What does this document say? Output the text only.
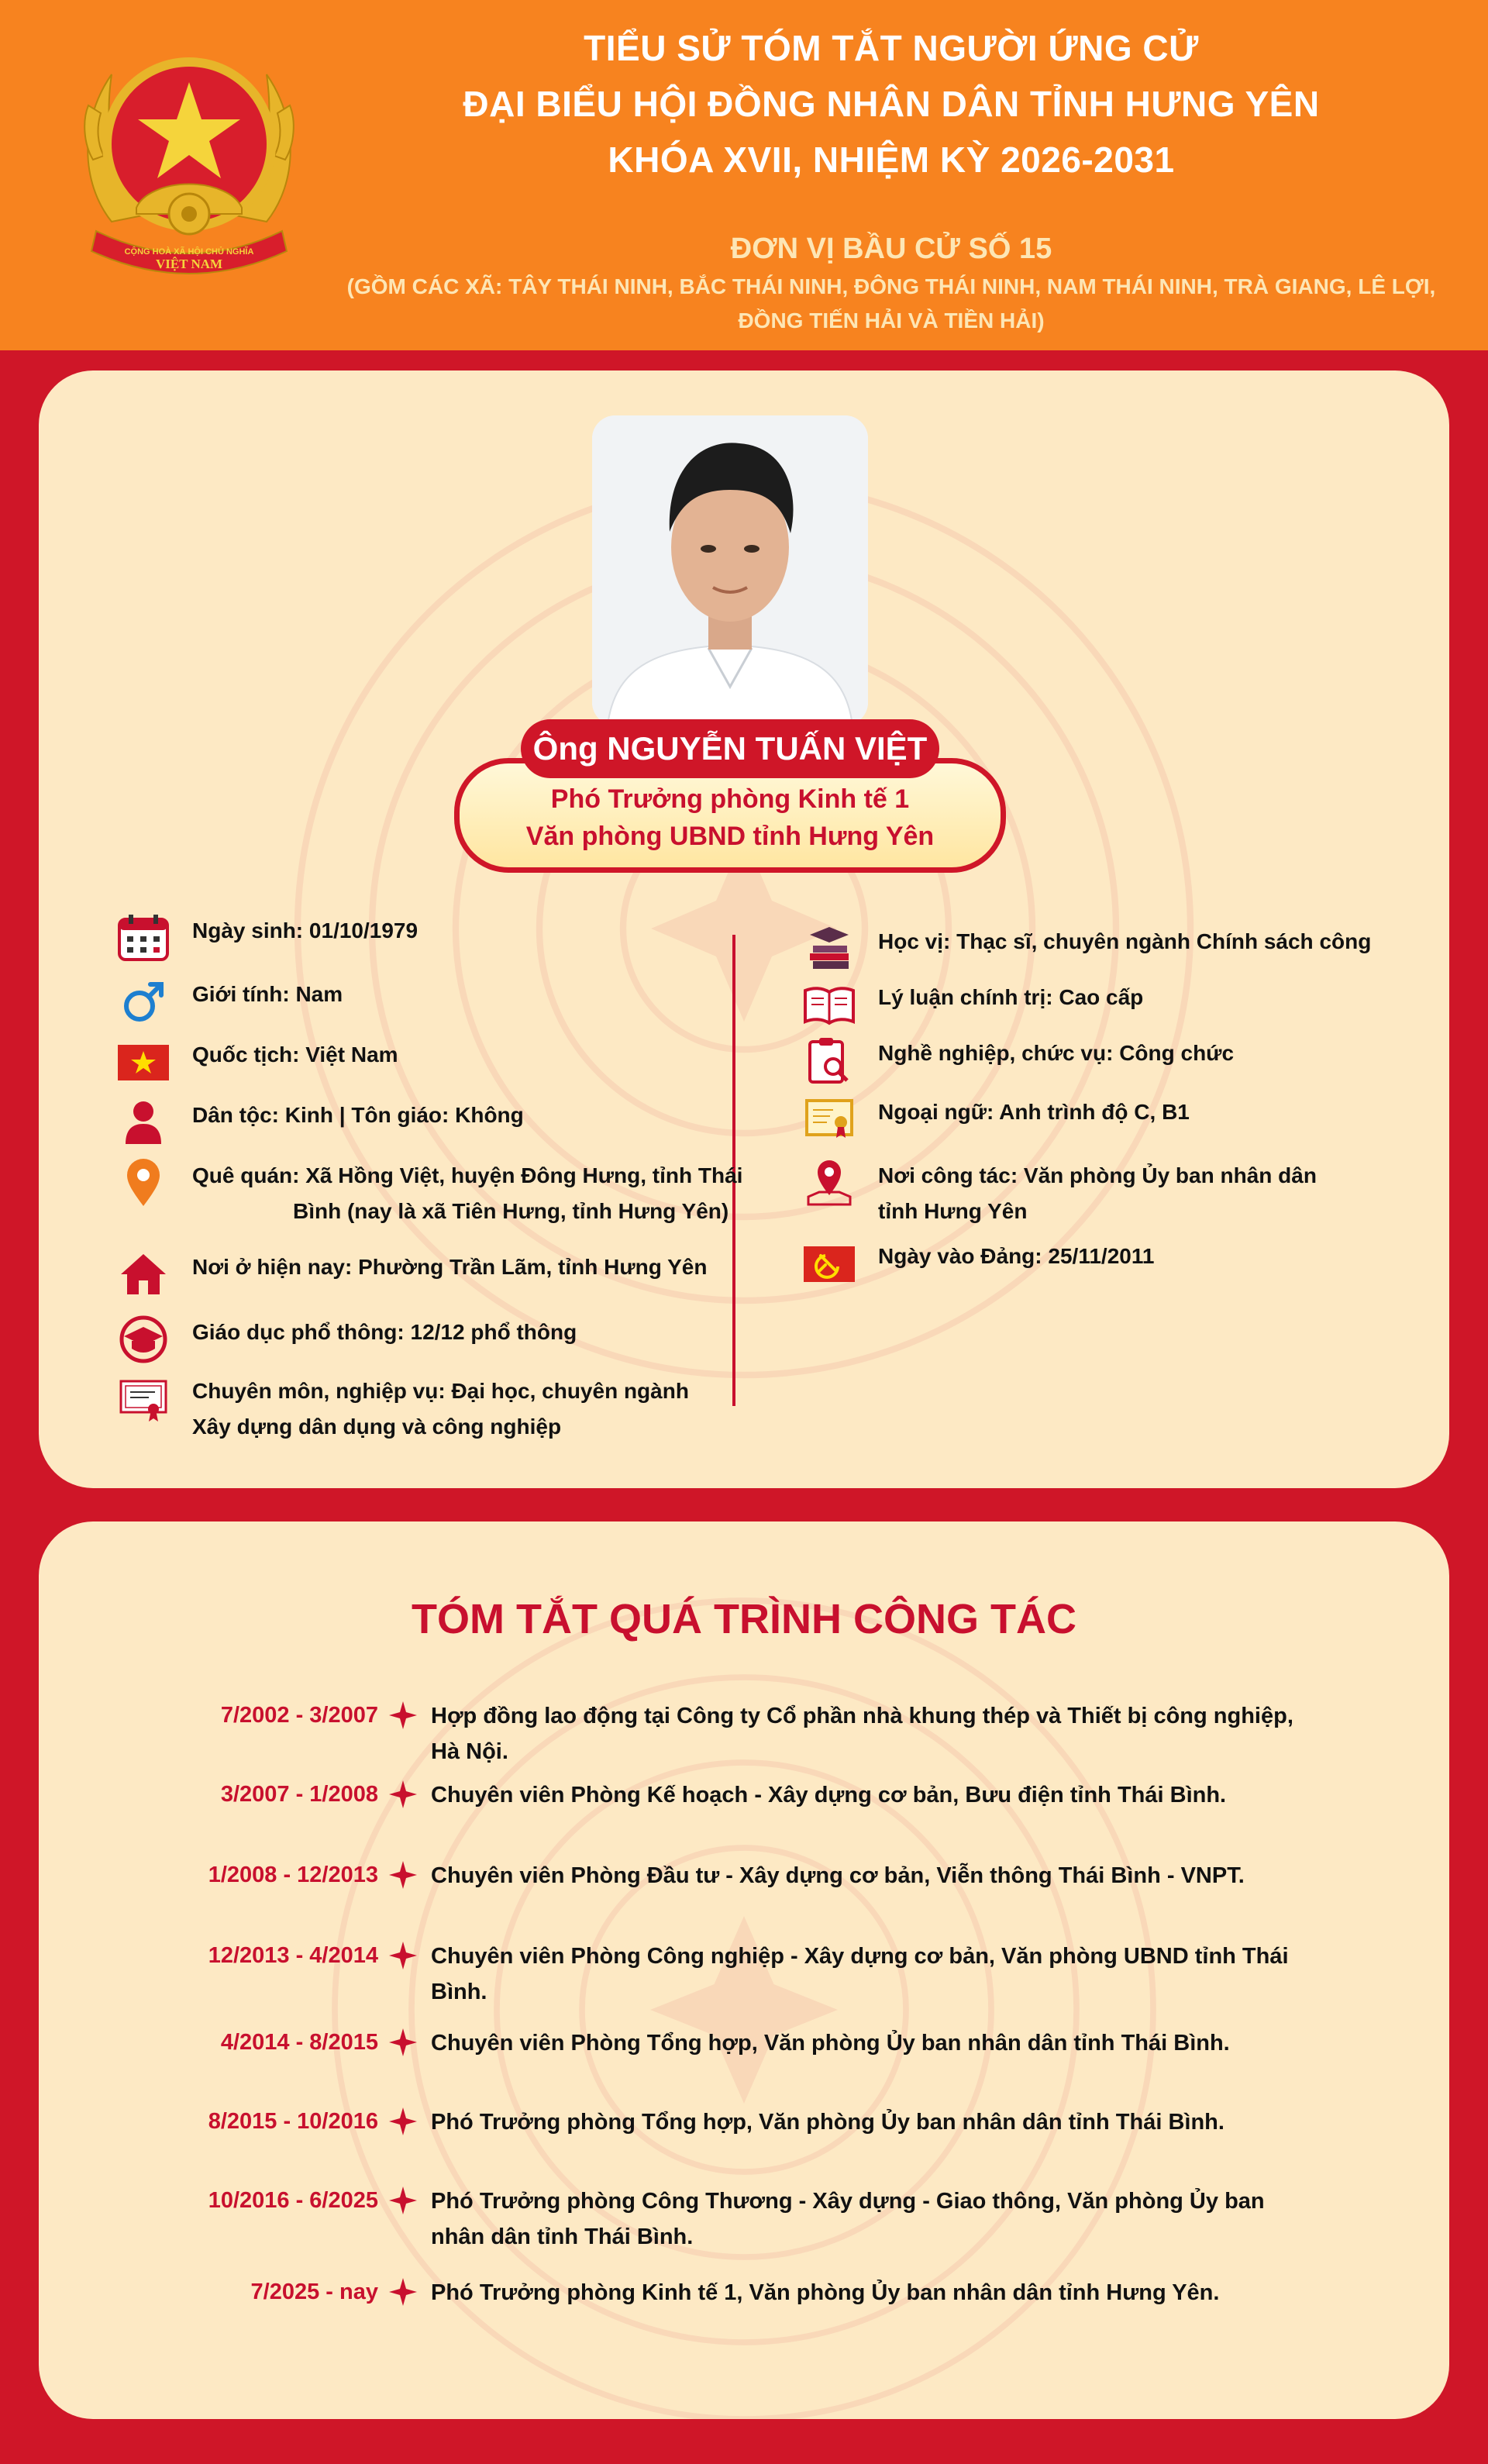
CỘNG HOÀ XÃ HỘI CHỦ NGHĨA
VIỆT NAM
TIỂU SỬ TÓM TẮT NGƯỜI ỨNG CỬ
ĐẠI BIỂU HỘI ĐỒNG NHÂN DÂN TỈNH HƯNG YÊN
KHÓA XVII, NHIỆM KỲ 2026-2031
ĐƠN VỊ BẦU CỬ SỐ 15
(GỒM CÁC XÃ: TÂY THÁI NINH, BẮC THÁI NINH, ĐÔNG THÁI NINH, NAM THÁI NINH, TRÀ GIANG, LÊ LỢI,
ĐỒNG TIẾN HẢI VÀ TIỀN HẢI)
Phó Trưởng phòng Kinh tế 1
Văn phòng UBND tỉnh Hưng Yên
Ông NGUYỄN TUẤN VIỆT
Ngày sinh: 01/10/1979
Giới tính: Nam
Quốc tịch: Việt Nam
Dân tộc: Kinh | Tôn giáo: Không
Quê quán: Xã Hồng Việt, huyện Đông Hưng, tỉnh Thái
Bình (nay là xã Tiên Hưng, tỉnh Hưng Yên)
Nơi ở hiện nay: Phường Trần Lãm, tỉnh Hưng Yên
Giáo dục phổ thông: 12/12 phổ thông
Chuyên môn, nghiệp vụ: Đại học, chuyên ngành
Xây dựng dân dụng và công nghiệp
Học vị: Thạc sĩ, chuyên ngành Chính sách công
Lý luận chính trị: Cao cấp
Nghề nghiệp, chức vụ: Công chức
Ngoại ngữ: Anh trình độ C, B1
Nơi công tác: Văn phòng Ủy ban nhân dân
tỉnh Hưng Yên
Ngày vào Đảng: 25/11/2011
TÓM TẮT QUÁ TRÌNH CÔNG TÁC
7/2002 - 3/2007 Hợp đồng lao động tại Công ty Cổ phần nhà khung thép và Thiết bị công nghiệp, Hà Nội.
3/2007 - 1/2008 Chuyên viên Phòng Kế hoạch - Xây dựng cơ bản, Bưu điện tỉnh Thái Bình.
1/2008 - 12/2013 Chuyên viên Phòng Đầu tư - Xây dựng cơ bản, Viễn thông Thái Bình - VNPT.
12/2013 - 4/2014 Chuyên viên Phòng Công nghiệp - Xây dựng cơ bản, Văn phòng UBND tỉnh Thái Bình.
4/2014 - 8/2015 Chuyên viên Phòng Tổng hợp, Văn phòng Ủy ban nhân dân tỉnh Thái Bình.
8/2015 - 10/2016 Phó Trưởng phòng Tổng hợp, Văn phòng Ủy ban nhân dân tỉnh Thái Bình.
10/2016 - 6/2025 Phó Trưởng phòng Công Thương - Xây dựng - Giao thông, Văn phòng Ủy ban nhân dân tỉnh Thái Bình.
7/2025 - nay Phó Trưởng phòng Kinh tế 1, Văn phòng Ủy ban nhân dân tỉnh Hưng Yên.
